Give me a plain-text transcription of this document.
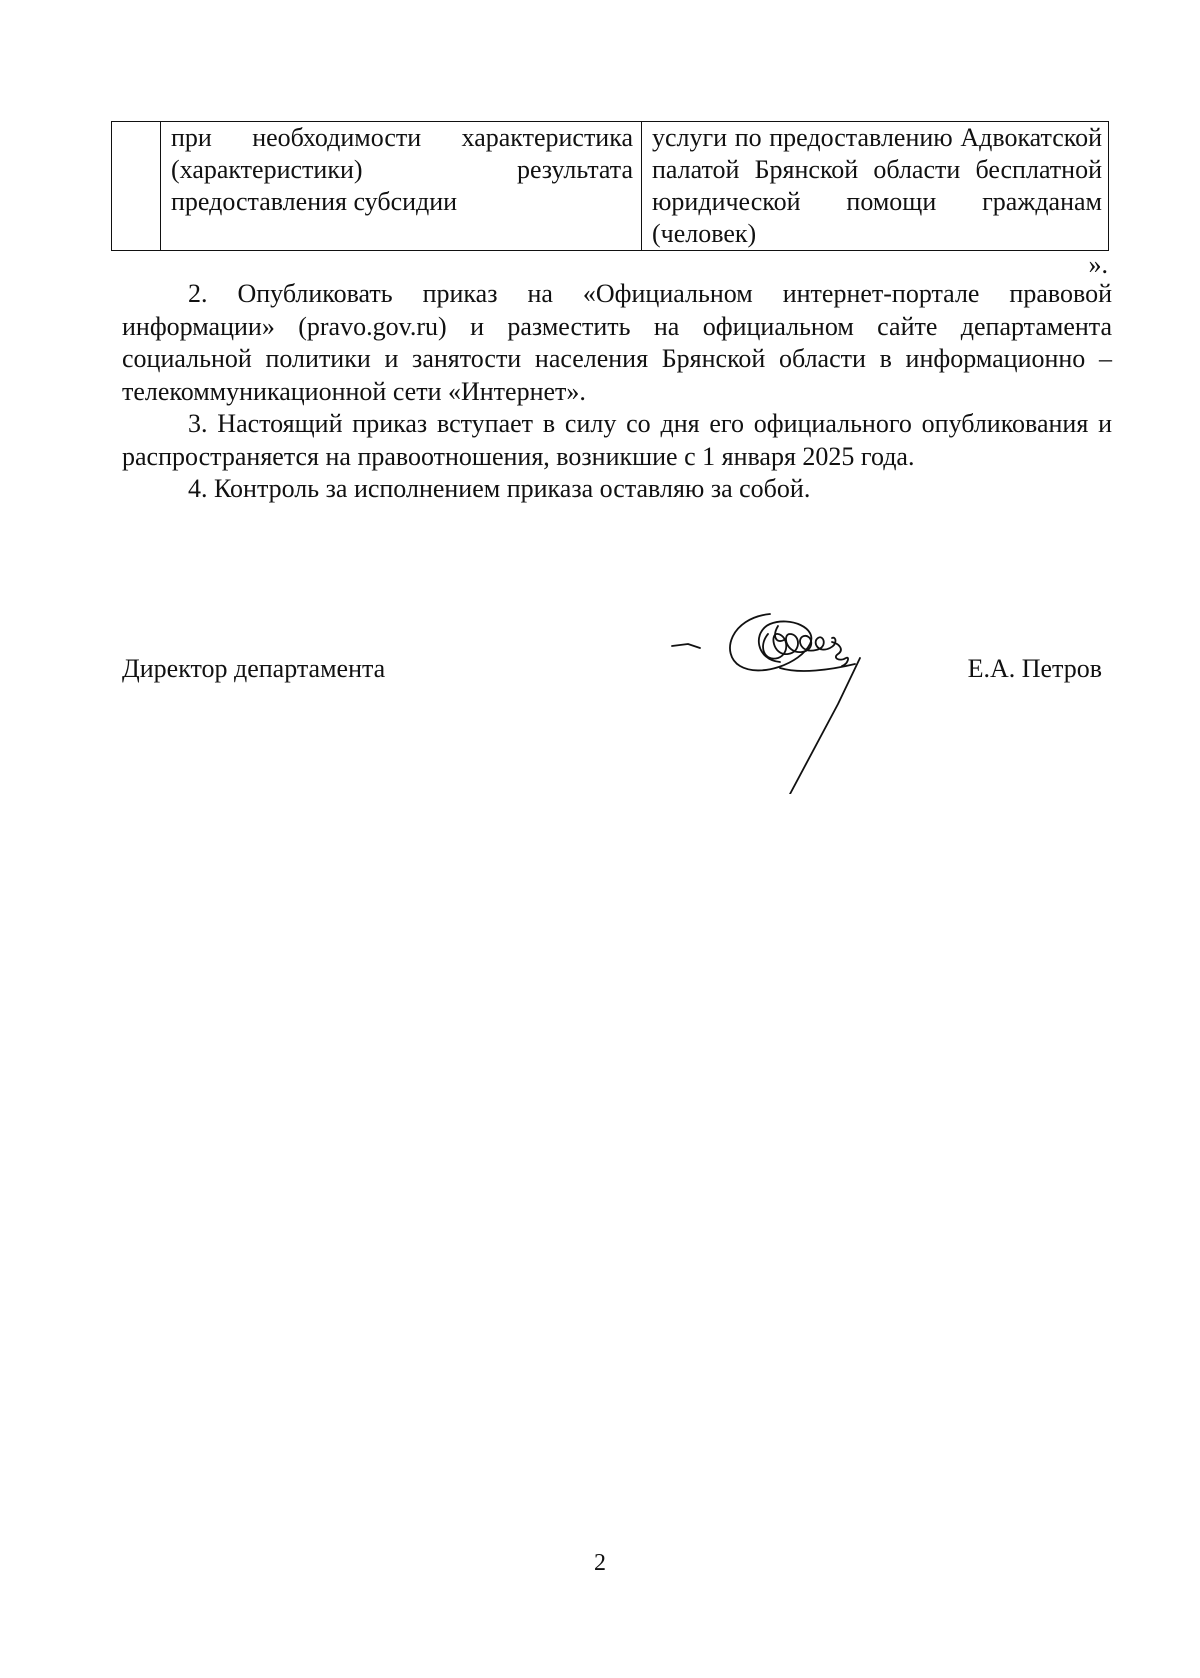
	при необходимости характеристика (характеристики) результата предоставления субсидии	услуги по предоставлению Адвокатской палатой Брянской области бесплатной юридической помощи гражданам (человек)
».

2. Опубликовать приказ на «Официальном интернет-портале правовой информации» (pravo.gov.ru) и разместить на официальном сайте департамента социальной политики и занятости населения Брянской области в информационно – телекоммуникационной сети «Интернет».

3. Настоящий приказ вступает в силу со дня его официального опубликования и распространяется на правоотношения, возникшие с 1 января 2025 года.

4. Контроль за исполнением приказа оставляю за собой.

Директор департамента	Е.А. Петров
2
